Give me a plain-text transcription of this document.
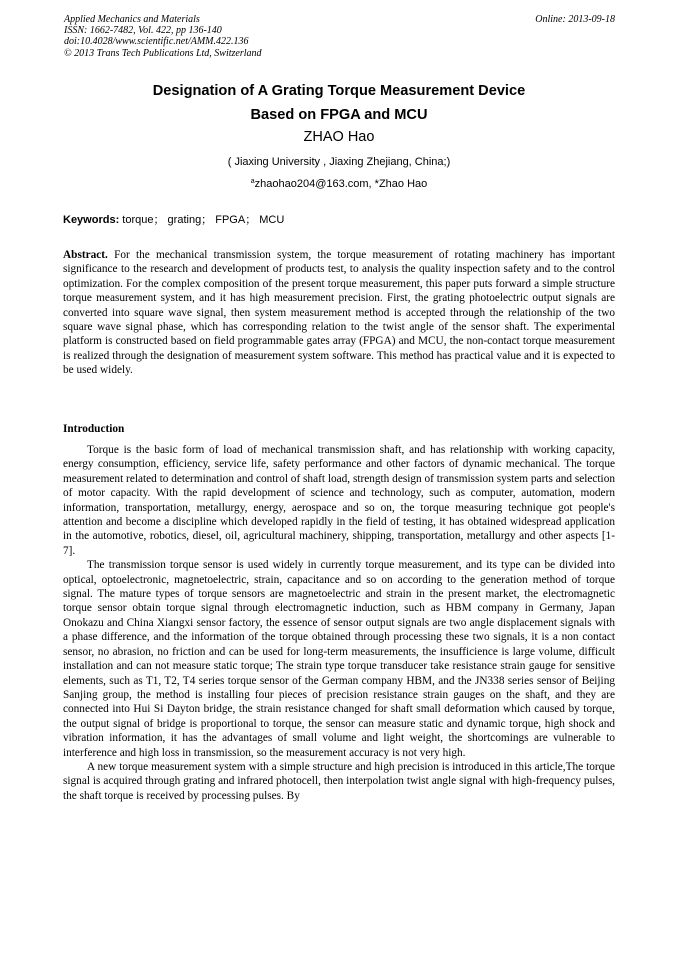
Applied Mechanics and Materials
ISSN: 1662-7482, Vol. 422, pp 136-140
doi:10.4028/www.scientific.net/AMM.422.136
© 2013 Trans Tech Publications Ltd, Switzerland
Online: 2013-09-18
Designation of A Grating Torque Measurement Device
Based on FPGA and MCU
ZHAO Hao
( Jiaxing University , Jiaxing Zhejiang, China;)
$^a$zhaohao204@163.com, *Zhao Hao
Keywords: torque； grating； FPGA； MCU

Abstract. For the mechanical transmission system, the torque measurement of rotating machinery has important significance to the research and development of products test, to analysis the quality inspection safety and to the control optimization. For the complex composition of the present torque measurement, this paper puts forward a simple structure torque measurement system, and it has high measurement precision. First, the grating photoelectric output signals are converted into square wave signal, then system measurement method is accepted through the relationship of the two square wave signal phase, which has corresponding relation to the twist angle of the sensor shaft. The experimental platform is constructed based on field programmable gates array (FPGA) and MCU, the non-contact torque measurement is realized through the designation of measurement system software. This method has practical value and it is expected to be used widely.

Introduction

Torque is the basic form of load of mechanical transmission shaft, and has relationship with working capacity, energy consumption, efficiency, service life, safety performance and other factors of dynamic mechanical. The torque measurement related to determination and control of shaft load, strength design of transmission system parts and selection of motor capacity. With the rapid development of science and technology, such as computer, automation, modern information, transportation, metallurgy, energy, aerospace and so on, the torque measuring technique got people's attention and become a discipline which developed rapidly in the field of testing, it has obtained widespread application in the automotive, robotics, diesel, oil, agricultural machinery, shipping, transportation, metallurgy and other aspects [1-7].

The transmission torque sensor is used widely in currently torque measurement, and its type can be divided into optical, optoelectronic, magnetoelectric, strain, capacitance and so on according to the generation method of torque signal. The mature types of torque sensors are magnetoelectric and strain in the present market, the electromagnetic torque sensor obtain torque signal through electromagnetic induction, such as HBM company in Germany, Japan Onokazu and China Xiangxi sensor factory, the essence of sensor output signals are two angle displacement signals with a phase difference, and the information of the torque obtained through processing these two signals, it is a non contact sensor, no abrasion, no friction and can be used for long-term measurements, the insufficience is large volume, difficult installation and can not measure static torque; The strain type torque transducer take resistance strain gauge for sensitive elements, such as T1, T2, T4 series torque sensor of the German company HBM, and the JN338 series sensor of Beijing Sanjing group, the method is installing four pieces of precision resistance strain gauges on the shaft, and they are connected into Hui Si Dayton bridge, the strain resistance changed for shaft small deformation which caused by torque, the output signal of bridge is proportional to torque, the sensor can measure static and dynamic torque, high shock and vibration information, it has the advantages of small volume and light weight, the shortcomings are vulnerable to interference and high loss in transmission, so the measurement accuracy is not very high.

A new torque measurement system with a simple structure and high precision is introduced in this article,The torque signal is acquired through grating and infrared photocell, then interpolation twist angle signal with high-frequency pulses, the shaft torque is received by processing pulses. By
